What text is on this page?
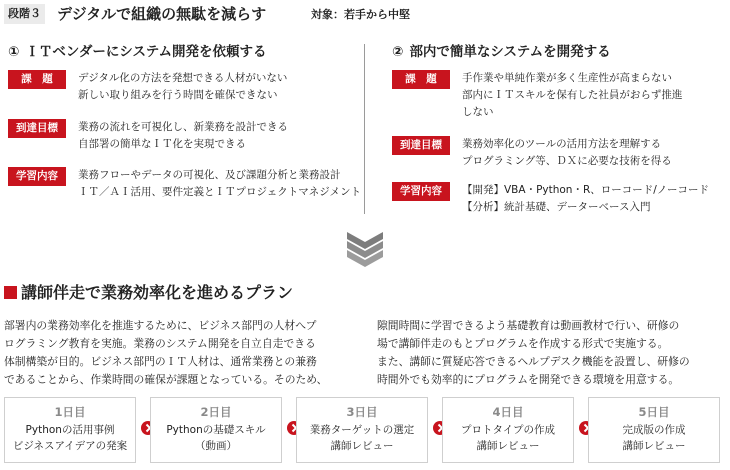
段階３ デジタルで組織の無駄を減らす	対象：若手から中堅
① ＩＴベンダーにシステム開発を依頼する
課　題	デジタル化の方法を発想できる人材がいない
新しい取り組みを行う時間を確保できない
到達目標	業務の流れを可視化し、新業務を設計できる
自部署の簡単なＩＴ化を実現できる
学習内容	業務フローやデータの可視化、及び課題分析と業務設計
ＩＴ／ＡＩ活用、要件定義とＩＴプロジェクトマネジメント
② 部内で簡単なシステムを開発する
課　題	手作業や単純作業が多く生産性が高まらない
部内にＩＴスキルを保有した社員がおらず推進
しない
到達目標	業務効率化のツールの活用方法を理解する
プログラミング等、ＤＸに必要な技術を得る
学習内容	【開発】VBA・Python・R、ローコード/ノーコード
【分析】統計基礎、データーベース入門
講師伴走で業務効率化を進めるプラン
部署内の業務効率化を推進するために、ビジネス部門の人材へプ
ログラミング教育を実施。業務のシステム開発を自立自走できる
体制構築が目的。ビジネス部門のＩＴ人材は、通常業務との兼務
であることから、作業時間の確保が課題となっている。そのため、
隙間時間に学習できるよう基礎教育は動画教材で行い、研修の
場で講師伴走のもとプログラムを作成する形式で実施する。
また、講師に質疑応答できるヘルプデスク機能を設置し、研修の
時間外でも効率的にプログラムを開発できる環境を用意する。
1日目
Pythonの活用事例
ビジネスアイデアの発案
2日目
Pythonの基礎スキル
（動画）
3日目
業務ターゲットの選定
講師レビュー
4日目
プロトタイプの作成
講師レビュー
5日目
完成版の作成
講師レビュー
